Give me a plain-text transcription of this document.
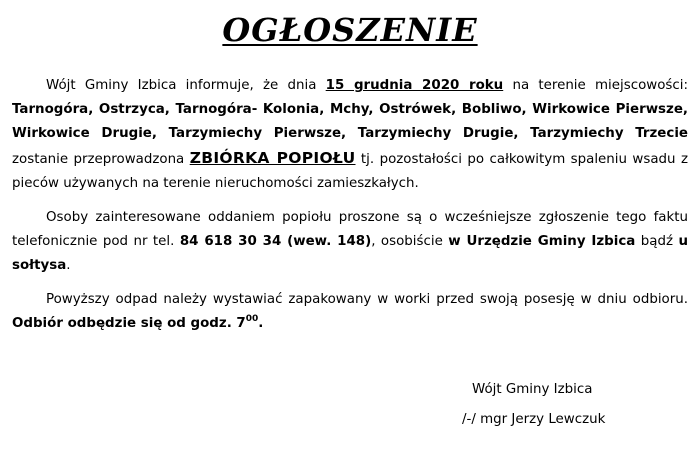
OGŁOSZENIE

Wójt Gminy Izbica informuje, że dnia 15 grudnia 2020 roku na terenie miejscowości: Tarnogóra, Ostrzyca, Tarnogóra- Kolonia, Mchy, Ostrówek, Bobliwo, Wirkowice Pierwsze, Wirkowice Drugie, Tarzymiechy Pierwsze, Tarzymiechy Drugie, Tarzymiechy Trzecie zostanie przeprowadzona ZBIÓRKA POPIOŁU tj. pozostałości po całkowitym spaleniu wsadu z pieców używanych na terenie nieruchomości zamieszkałych.

Osoby zainteresowane oddaniem popiołu proszone są o wcześniejsze zgłoszenie tego faktu telefonicznie pod nr tel. 84 618 30 34 (wew. 148), osobiście w Urzędzie Gminy Izbica bądź u sołtysa.

Powyższy odpad należy wystawiać zapakowany w worki przed swoją posesję w dniu odbioru. Odbiór odbędzie się od godz. $7^{00}$.

Wójt Gminy Izbica
/-/ mgr Jerzy Lewczuk
